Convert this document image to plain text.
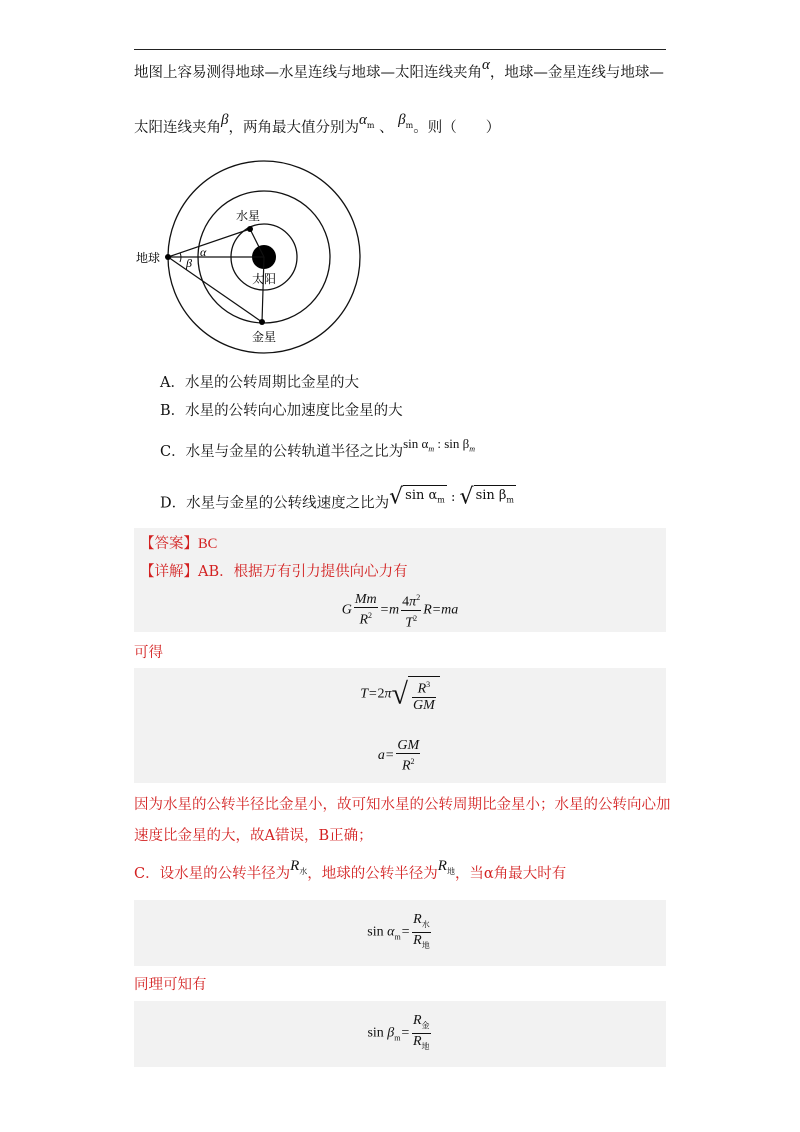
地图上容易测得地球—水星连线与地球—太阳连线夹角α，地球—金星连线与地球—
太阳连线夹角β，两角最大值分别为$\alpha_m$ 、 $\beta_m$。则（　　）
地球
太阳
水星
金星
α
β
A．水星的公转周期比金星的大
B．水星的公转向心加速度比金星的大
C．水星与金星的公转轨道半径之比为$\sin \alpha_m$ : $\sin \beta_m$
D．水星与金星的公转线速度之比为√ $\sin \alpha_m$ : √ $\sin \beta_m$
【答案】BC
【详解】AB．根据万有引力提供向心力有
G $\frac{Mm}{R^2} =m \frac{4\pi^2}{T^2} R=ma$
可得
$T=2\pi√ \frac{R^3}{GM}$
$a= \frac{GM}{R^2}$
因为水星的公转半径比金星小，故可知水星的公转周期比金星小；水星的公转向心加
速度比金星的大，故A错误，B正确；
C．设水星的公转半径为$R_水$，地球的公转半径为$R_地$，当α角最大时有
$\sin \alpha_m= \frac{R_水}{R_地}$
同理可知有
$\sin \beta_m= \frac{R_金}{R_地}$
